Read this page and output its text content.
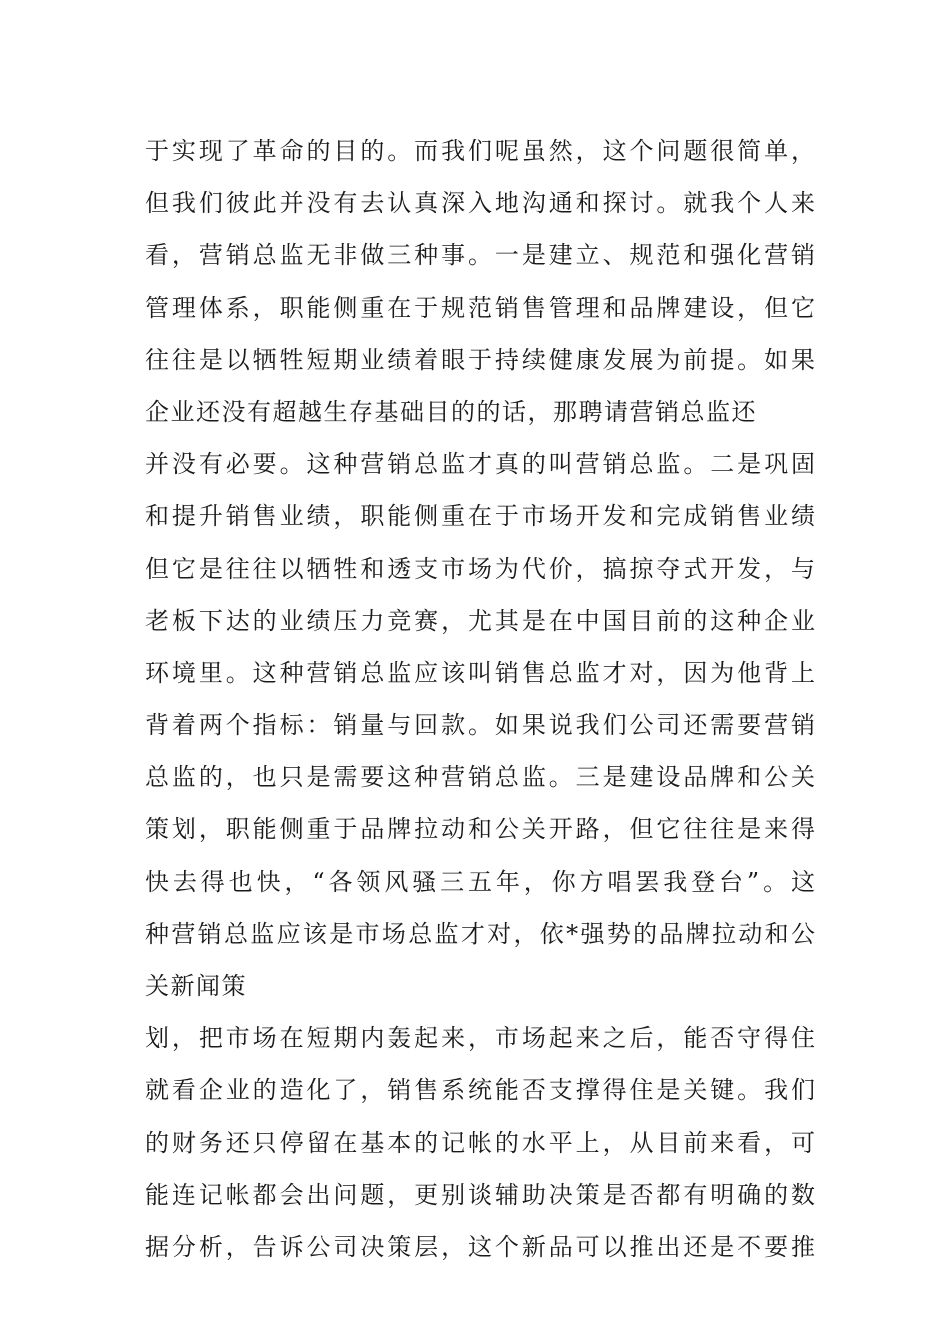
于实现了革命的目的。而我们呢虽然，这个问题很简单，
但我们彼此并没有去认真深入地沟通和探讨。就我个人来
看，营销总监无非做三种事。一是建立、规范和强化营销
管理体系，职能侧重在于规范销售管理和品牌建设，但它
往往是以牺牲短期业绩着眼于持续健康发展为前提。如果
企业还没有超越生存基础目的的话，那聘请营销总监还
并没有必要。这种营销总监才真的叫营销总监。二是巩固
和提升销售业绩，职能侧重在于市场开发和完成销售业绩
但它是往往以牺牲和透支市场为代价，搞掠夺式开发，与
老板下达的业绩压力竞赛，尤其是在中国目前的这种企业
环境里。这种营销总监应该叫销售总监才对，因为他背上
背着两个指标：销量与回款。如果说我们公司还需要营销
总监的，也只是需要这种营销总监。三是建设品牌和公关
策划，职能侧重于品牌拉动和公关开路，但它往往是来得
快去得也快，“各领风骚三五年，你方唱罢我登台”。这
种营销总监应该是市场总监才对，依*强势的品牌拉动和公
关新闻策
划，把市场在短期内轰起来，市场起来之后，能否守得住
就看企业的造化了，销售系统能否支撑得住是关键。我们
的财务还只停留在基本的记帐的水平上，从目前来看，可
能连记帐都会出问题，更别谈辅助决策是否都有明确的数
据分析，告诉公司决策层，这个新品可以推出还是不要推
